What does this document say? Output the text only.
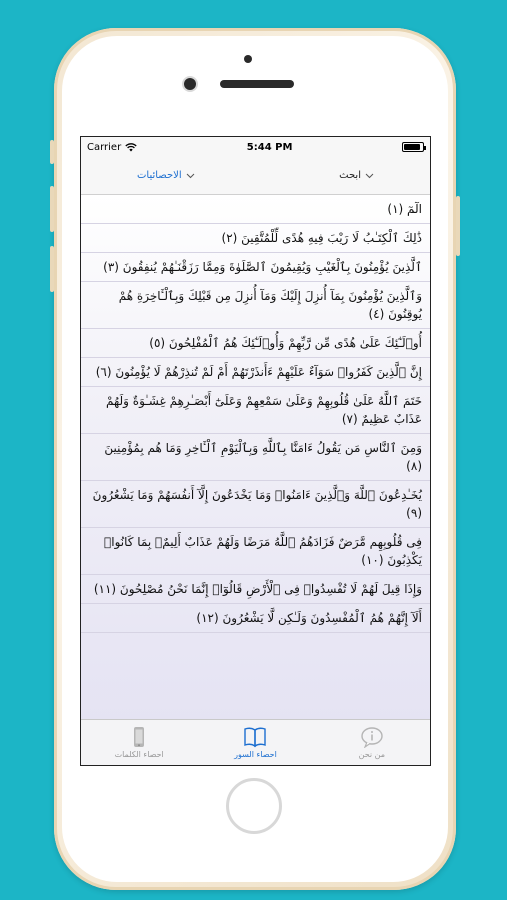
Carrier	5:44 PM
الاحصائيات	ابحث
الٓمٓ (١)
ذَٰلِكَ ٱلْكِتَـٰبُ لَا رَيْبَ فِيهِ هُدًى لِّلْمُتَّقِينَ (٢)
ٱلَّذِينَ يُؤْمِنُونَ بِٱلْغَيْبِ وَيُقِيمُونَ ٱلصَّلَوٰةَ وَمِمَّا رَزَقْنَـٰهُمْ يُنفِقُونَ (٣)
وَٱلَّذِينَ يُؤْمِنُونَ بِمَآ أُنزِلَ إِلَيْكَ وَمَآ أُنزِلَ مِن قَبْلِكَ وَبِٱلْـَٔاخِرَةِ هُمْ يُوقِنُونَ (٤)
أُو۟لَـٰٓئِكَ عَلَىٰ هُدًى مِّن رَّبِّهِمْ وَأُو۟لَـٰٓئِكَ هُمُ ٱلْمُفْلِحُونَ (٥)
إِنَّ ٱلَّذِينَ كَفَرُوا۟ سَوَآءٌ عَلَيْهِمْ ءَأَنذَرْتَهُمْ أَمْ لَمْ تُنذِرْهُمْ لَا يُؤْمِنُونَ (٦)
خَتَمَ ٱللَّهُ عَلَىٰ قُلُوبِهِمْ وَعَلَىٰ سَمْعِهِمْ وَعَلَىٰٓ أَبْصَـٰرِهِمْ غِشَـٰوَةٌ وَلَهُمْ عَذَابٌ عَظِيمٌ (٧)
وَمِنَ ٱلنَّاسِ مَن يَقُولُ ءَامَنَّا بِٱللَّهِ وَبِٱلْيَوْمِ ٱلْـَٔاخِرِ وَمَا هُم بِمُؤْمِنِينَ (٨)
يُخَـٰدِعُونَ ٱللَّهَ وَٱلَّذِينَ ءَامَنُوا۟ وَمَا يَخْدَعُونَ إِلَّآ أَنفُسَهُمْ وَمَا يَشْعُرُونَ (٩)
فِى قُلُوبِهِم مَّرَضٌ فَزَادَهُمُ ٱللَّهُ مَرَضًا وَلَهُمْ عَذَابٌ أَلِيمٌۢ بِمَا كَانُوا۟ يَكْذِبُونَ (١٠)
وَإِذَا قِيلَ لَهُمْ لَا تُفْسِدُوا۟ فِى ٱلْأَرْضِ قَالُوٓا۟ إِنَّمَا نَحْنُ مُصْلِحُونَ (١١)
أَلَآ إِنَّهُمْ هُمُ ٱلْمُفْسِدُونَ وَلَـٰكِن لَّا يَشْعُرُونَ (١٢)
احصاء الكلمات	احصاء السور	من نحن
